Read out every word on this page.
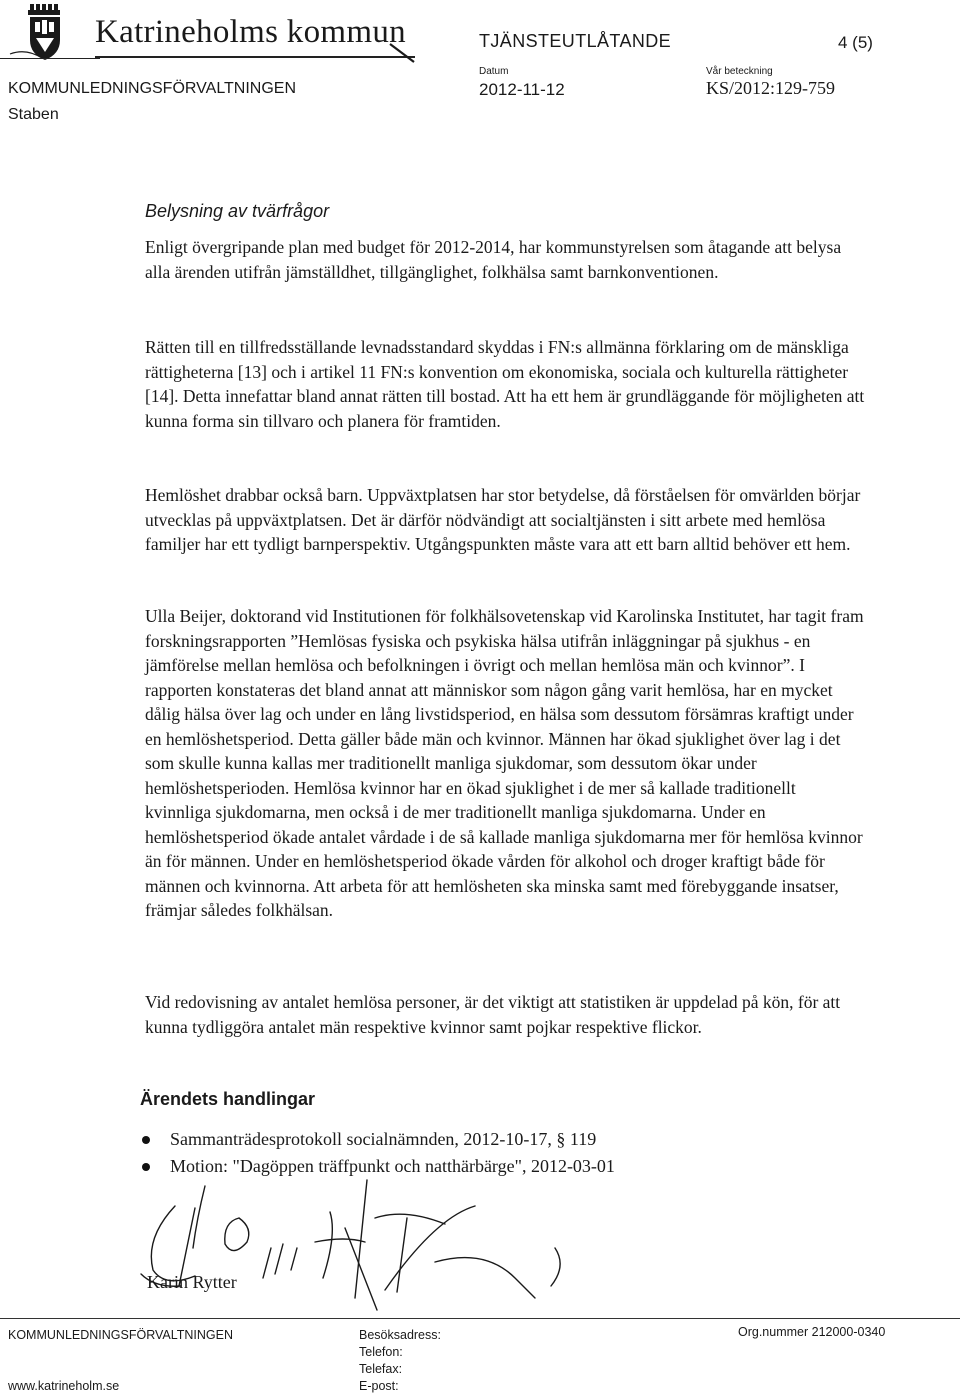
Katrineholms kommun	TJÄNSTEUTLÅTANDE	4 (5)
Datum	Vår beteckning
KOMMUNLEDNINGSFÖRVALTNINGEN
Staben
2012-11-12	KS/2012:129-759
Belysning av tvärfrågor

Enligt övergripande plan med budget för 2012-2014, har kommunstyrelsen som åtagande att belysa alla ärenden utifrån jämställdhet, tillgänglighet, folkhälsa samt barnkonventionen.

Rätten till en tillfredsställande levnadsstandard skyddas i FN:s allmänna förklaring om de mänskliga rättigheterna [13] och i artikel 11 FN:s konvention om ekonomiska, sociala och kulturella rättigheter [14]. Detta innefattar bland annat rätten till bostad. Att ha ett hem är grundläggande för möjligheten att kunna forma sin tillvaro och planera för framtiden.

Hemlöshet drabbar också barn. Uppväxtplatsen har stor betydelse, då förståelsen för omvärlden börjar utvecklas på uppväxtplatsen. Det är därför nödvändigt att socialtjänsten i sitt arbete med hemlösa familjer har ett tydligt barnperspektiv. Utgångspunkten måste vara att ett barn alltid behöver ett hem.

Ulla Beijer, doktorand vid Institutionen för folkhälsovetenskap vid Karolinska Institutet, har tagit fram forskningsrapporten ”Hemlösas fysiska och psykiska hälsa utifrån inläggningar på sjukhus - en jämförelse mellan hemlösa och befolkningen i övrigt och mellan hemlösa män och kvinnor”. I rapporten konstateras det bland annat att människor som någon gång varit hemlösa, har en mycket dålig hälsa över lag och under en lång livstidsperiod, en hälsa som dessutom försämras kraftigt under en hemlöshetsperiod. Detta gäller både män och kvinnor. Männen har ökad sjuklighet över lag i det som skulle kunna kallas mer traditionellt manliga sjukdomar, som dessutom ökar under hemlöshetsperioden. Hemlösa kvinnor har en ökad sjuklighet i de mer så kallade traditionellt kvinnliga sjukdomarna, men också i de mer traditionellt manliga sjukdomarna. Under en hemlöshetsperiod ökade antalet vårdade i de så kallade manliga sjukdomarna mer för hemlösa kvinnor än för männen. Under en hemlöshetsperiod ökade vården för alkohol och droger kraftigt både för männen och kvinnorna. Att arbeta för att hemlösheten ska minska samt med förebyggande insatser, främjar således folkhälsan.

Vid redovisning av antalet hemlösa personer, är det viktigt att statistiken är uppdelad på kön, för att kunna tydliggöra antalet män respektive kvinnor samt pojkar respektive flickor.

Ärendets handlingar
Sammanträdesprotokoll socialnämnden, 2012-10-17, § 119
Motion: "Dagöppen träffpunkt och natthärbärge", 2012-03-01
Karin Rytter
KOMMUNLEDNINGSFÖRVALTNINGEN	Besöksadress:
Telefon:
Telefax:
E-post:
Org.nummer 212000-0340
www.katrineholm.se
